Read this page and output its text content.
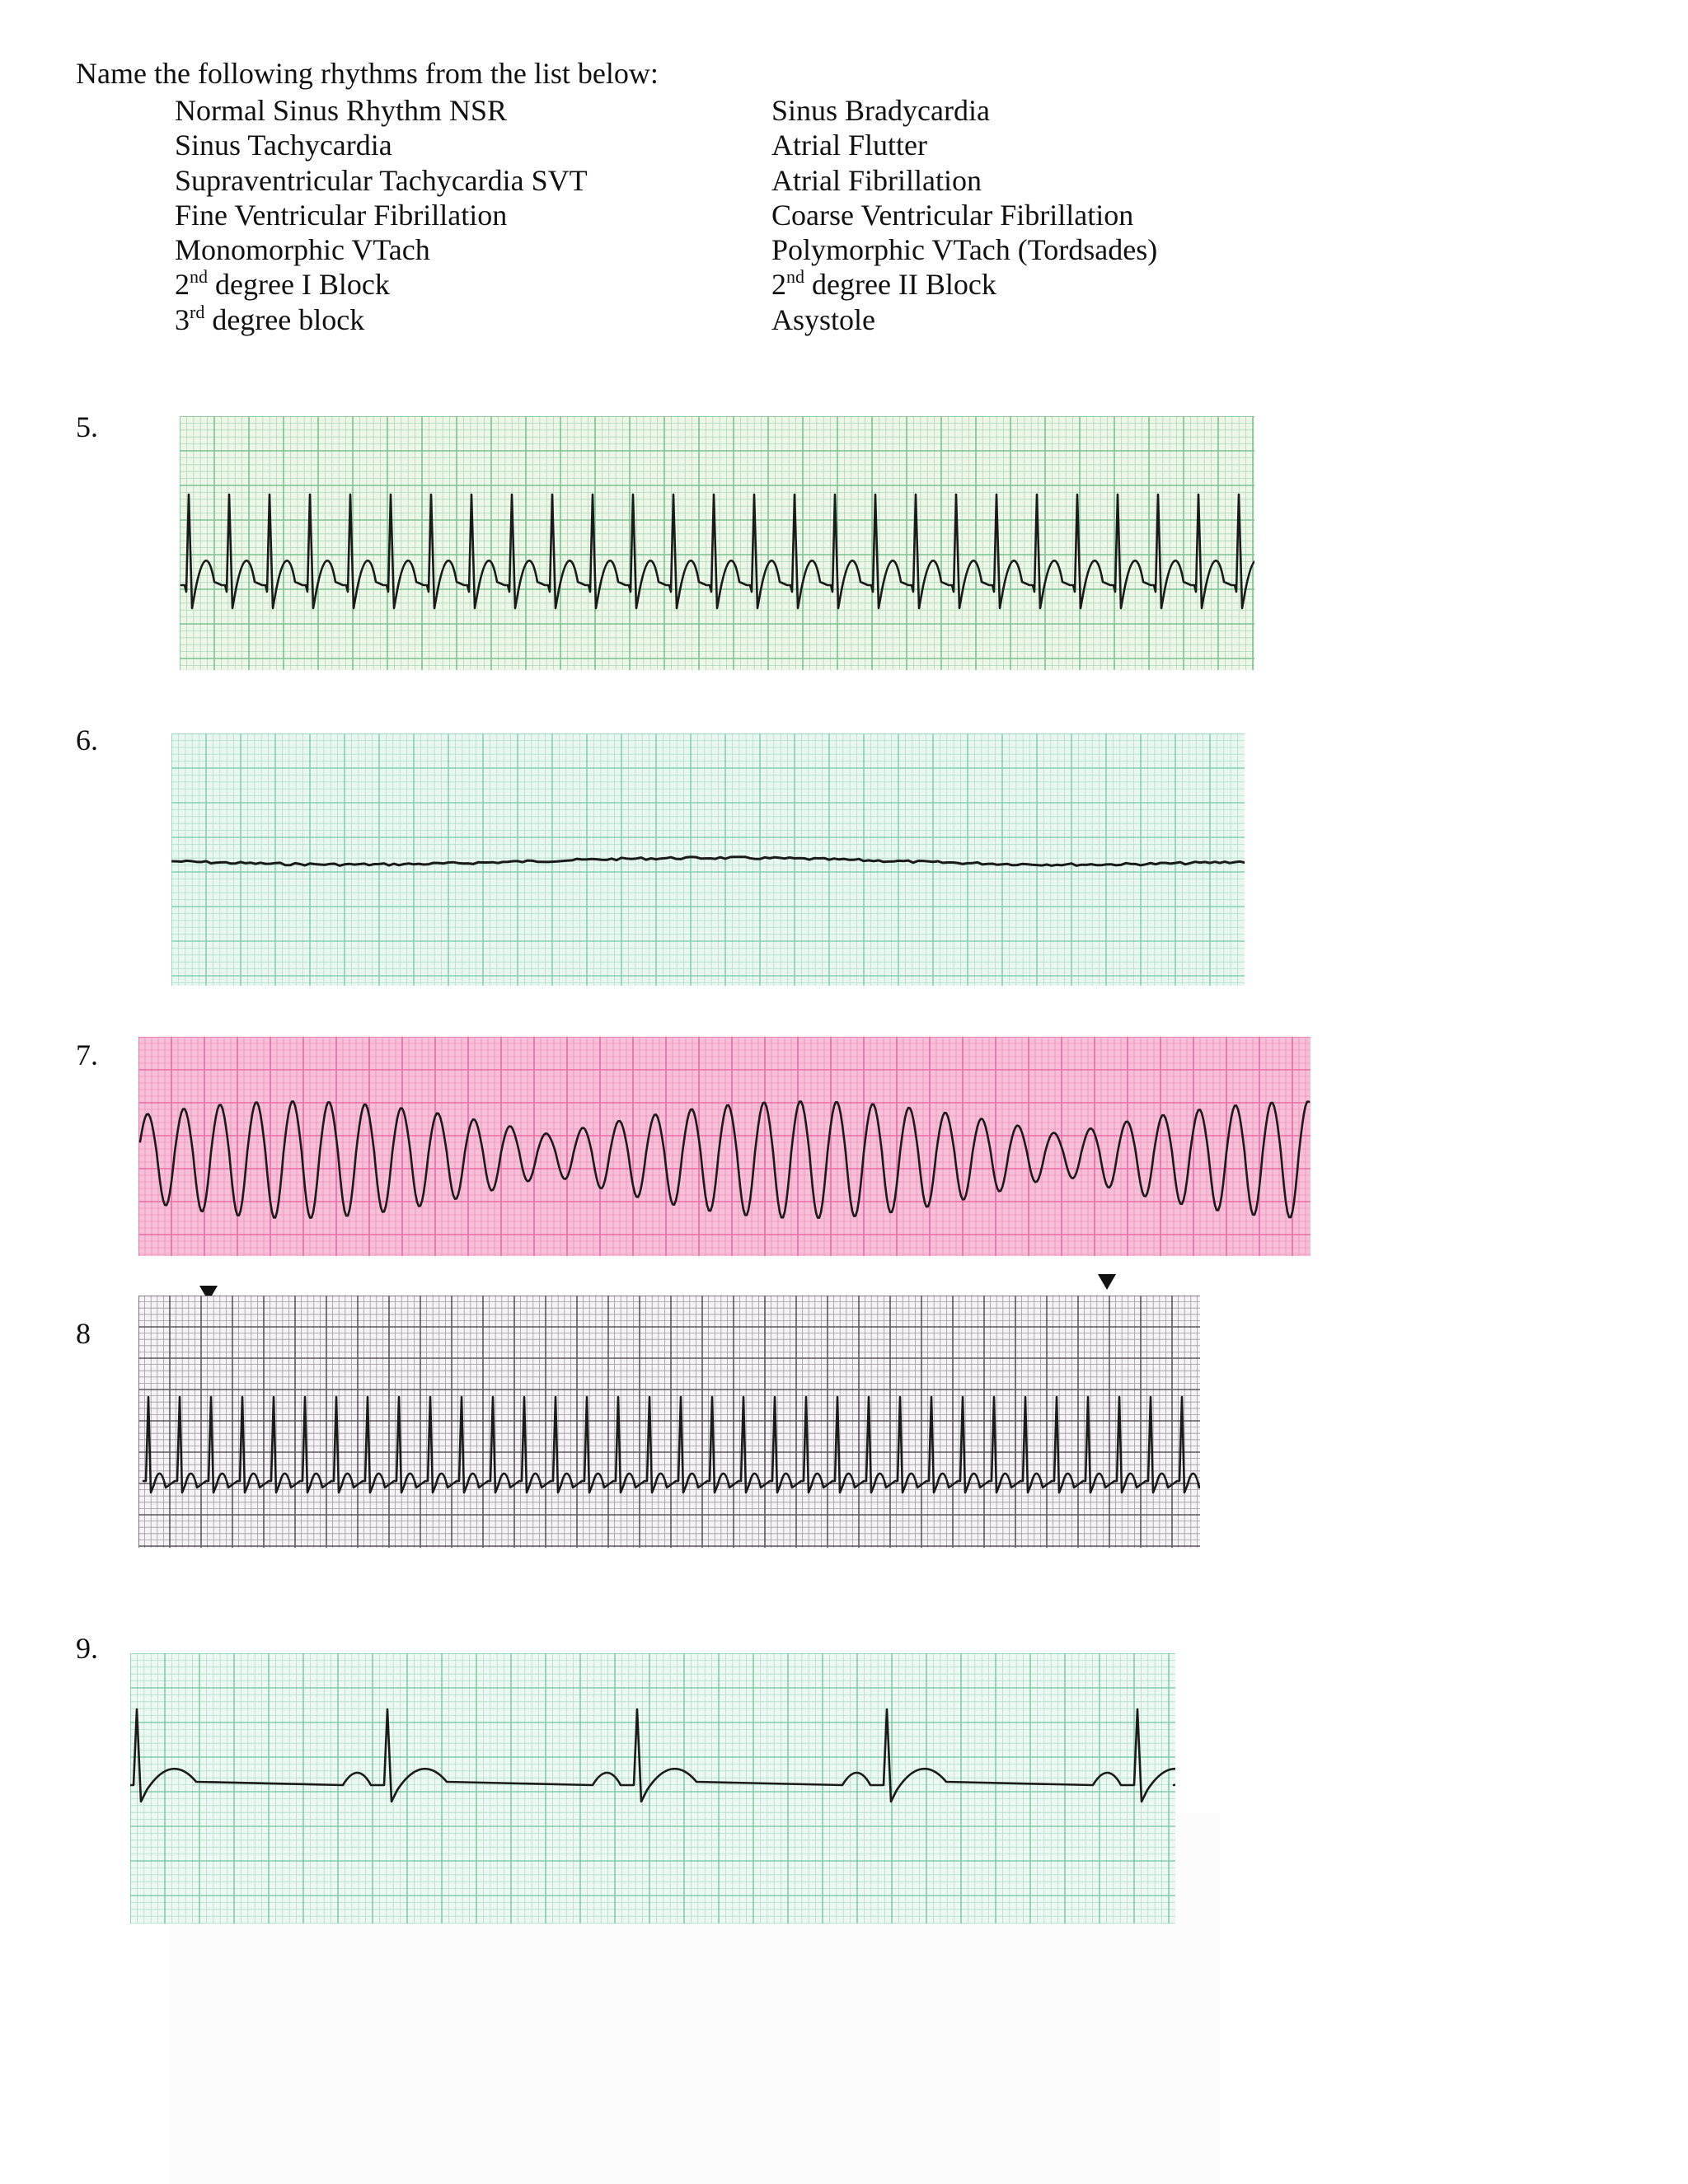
Name the following rhythms from the list below:
Normal Sinus Rhythm NSR
Sinus Tachycardia
Supraventricular Tachycardia SVT
Fine Ventricular Fibrillation
Monomorphic VTach
2nd degree I Block
3rd degree block
Sinus Bradycardia
Atrial Flutter
Atrial Fibrillation
Coarse Ventricular Fibrillation
Polymorphic VTach (Tordsades)
2nd degree II Block
Asystole
5.
6.
7.
8
9.
